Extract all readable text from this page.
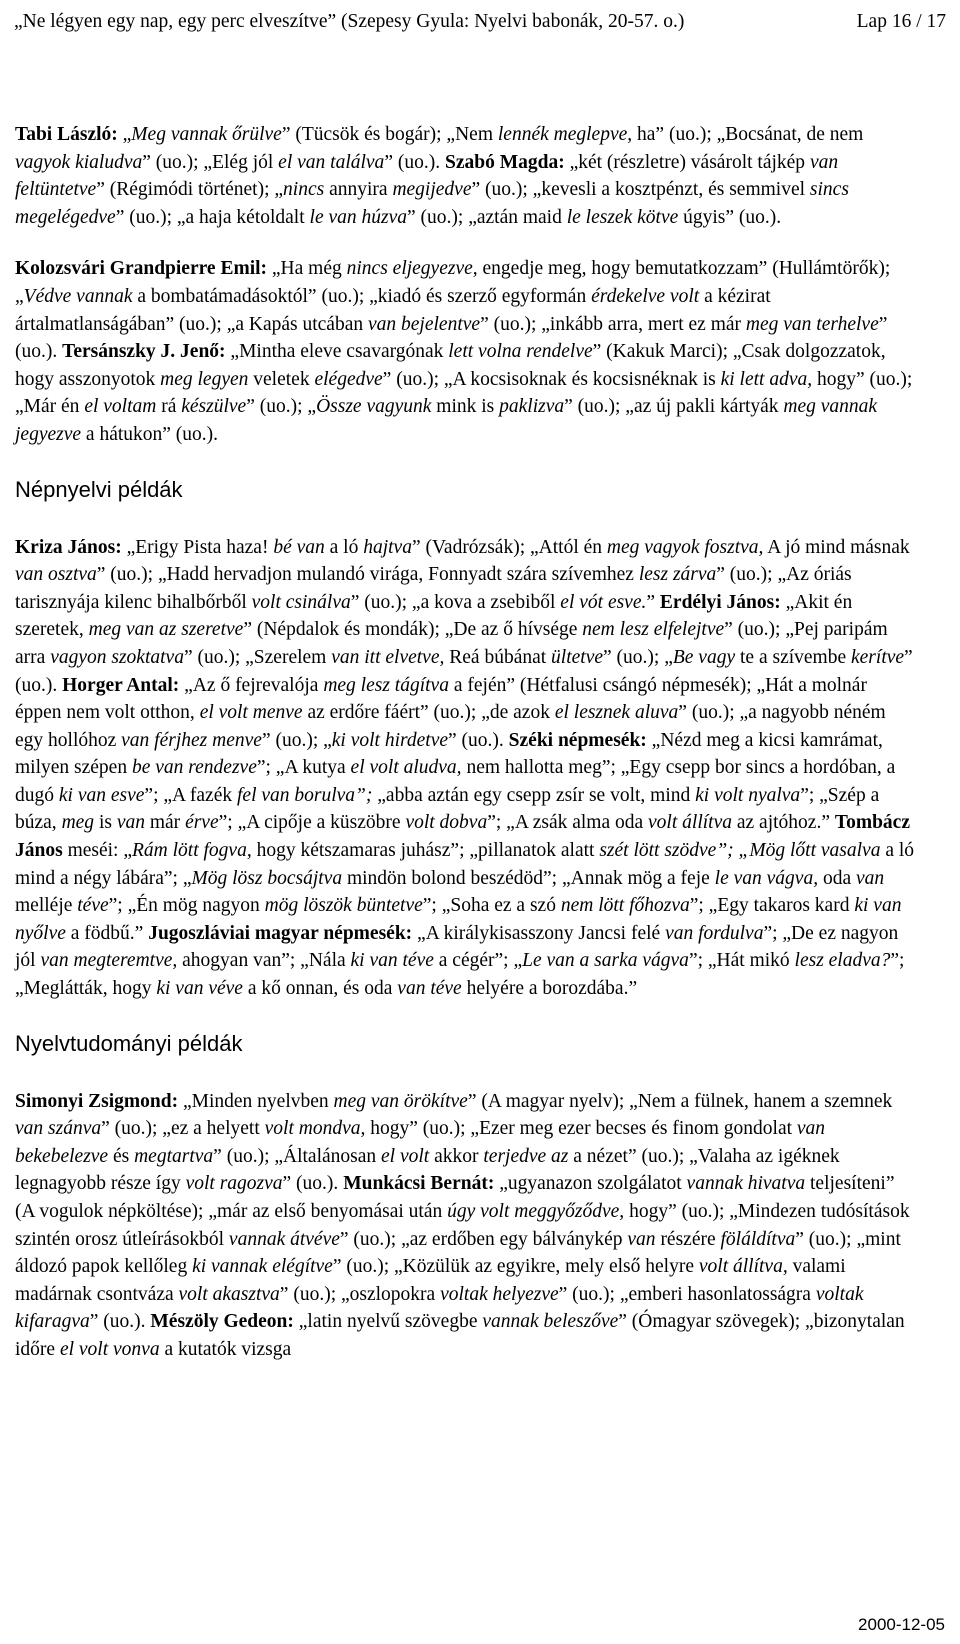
„Ne légyen egy nap, egy perc elveszítve” (Szepesy Gyula: Nyelvi babonák, 20-57. o.)	Lap 16 / 17

Tabi László: „Meg vannak őrülve” (Tücsök és bogár); „Nem lennék meglepve, ha” (uo.); „Bocsánat, de nem vagyok kialudva” (uo.); „Elég jól el van találva” (uo.). Szabó Magda: „két (részletre) vásárolt tájkép van feltüntetve” (Régimódi történet); „nincs annyira megijedve” (uo.); „kevesli a kosztpénzt, és semmivel sincs megelégedve” (uo.); „a haja kétoldalt le van húzva” (uo.); „aztán maid le leszek kötve úgyis” (uo.).

Kolozsvári Grandpierre Emil: „Ha még nincs eljegyezve, engedje meg, hogy bemutatkozzam” (Hullámtörők); „Védve vannak a bombatámadásoktól” (uo.); „kiadó és szerző egyformán érdekelve volt a kézirat ártalmatlanságában” (uo.); „a Kapás utcában van bejelentve” (uo.); „inkább arra, mert ez már meg van terhelve” (uo.). Tersánszky J. Jenő: „Mintha eleve csavargónak lett volna rendelve” (Kakuk Marci); „Csak dolgozzatok, hogy asszonyotok meg legyen veletek elégedve” (uo.); „A kocsisoknak és kocsisnéknak is ki lett adva, hogy” (uo.); „Már én el voltam rá készülve” (uo.); „Össze vagyunk mink is paklizva” (uo.); „az új pakli kártyák meg vannak jegyezve a hátukon” (uo.).

Népnyelvi példák

Kriza János: „Erigy Pista haza! bé van a ló hajtva” (Vadrózsák); „Attól én meg vagyok fosztva, A jó mind másnak van osztva” (uo.); „Hadd hervadjon mulandó virága, Fonnyadt szára szívemhez lesz zárva” (uo.); „Az óriás tarisznyája kilenc bihalbőrből volt csinálva” (uo.); „a kova a zsebiből el vót esve.” Erdélyi János: „Akit én szeretek, meg van az szeretve” (Népdalok és mondák); „De az ő hívsége nem lesz elfelejtve” (uo.); „Pej paripám arra vagyon szoktatva” (uo.); „Szerelem van itt elvetve, Reá búbánat ültetve” (uo.); „Be vagy te a szívembe kerítve” (uo.). Horger Antal: „Az ő fejrevalója meg lesz tágítva a fején” (Hétfalusi csángó népmesék); „Hát a molnár éppen nem volt otthon, el volt menve az erdőre fáért” (uo.); „de azok el lesznek aluva” (uo.); „a nagyobb néném egy hollóhoz van férjhez menve” (uo.); „ki volt hirdetve” (uo.). Széki népmesék: „Nézd meg a kicsi kamrámat, milyen szépen be van rendezve”; „A kutya el volt aludva, nem hallotta meg”; „Egy csepp bor sincs a hordóban, a dugó ki van esve”; „A fazék fel van borulva”; „abba aztán egy csepp zsír se volt, mind ki volt nyalva”; „Szép a búza, meg is van már érve”; „A cipője a küszöbre volt dobva”; „A zsák alma oda volt állítva az ajtóhoz.” Tombácz János meséi: „Rám lött fogva, hogy kétszamaras juhász”; „pillanatok alatt szét lött szödve”; „Mög lőtt vasalva a ló mind a négy lábára”; „Mög lösz bocsájtva mindön bolond beszédöd”; „Annak mög a feje le van vágva, oda van melléje téve”; „Én mög nagyon mög löszök büntetve”; „Soha ez a szó nem lött főhozva”; „Egy takaros kard ki van nyőlve a födbű.” Jugoszláviai magyar népmesék: „A királykisasszony Jancsi felé van fordulva”; „De ez nagyon jól van megteremtve, ahogyan van”; „Nála ki van téve a cégér”; „Le van a sarka vágva”; „Hát mikó lesz eladva?”; „Meglátták, hogy ki van véve a kő onnan, és oda van téve helyére a borozdába.”

Nyelvtudományi példák

Simonyi Zsigmond: „Minden nyelvben meg van örökítve” (A magyar nyelv); „Nem a fülnek, hanem a szemnek van szánva” (uo.); „ez a helyett volt mondva, hogy” (uo.); „Ezer meg ezer becses és finom gondolat van bekebelezve és megtartva” (uo.); „Általánosan el volt akkor terjedve az a nézet” (uo.); „Valaha az igéknek legnagyobb része így volt ragozva” (uo.). Munkácsi Bernát: „ugyanazon szolgálatot vannak hivatva teljesíteni” (A vogulok népköltése); „már az első benyomásai után úgy volt meggyőződve, hogy” (uo.); „Mindezen tudósítások szintén orosz útleírásokból vannak átvéve” (uo.); „az erdőben egy bálványkép van részére föláldítva” (uo.); „mint áldozó papok kellőleg ki vannak elégítve” (uo.); „Közülük az egyikre, mely első helyre volt állítva, valami madárnak csontváza volt akasztva” (uo.); „oszlopokra voltak helyezve” (uo.); „emberi hasonlatosságra voltak kifaragva” (uo.). Mészöly Gedeon: „latin nyelvű szövegbe vannak beleszőve” (Ómagyar szövegek); „bizonytalan időre el volt vonva a kutatók vizsga

2000-12-05
